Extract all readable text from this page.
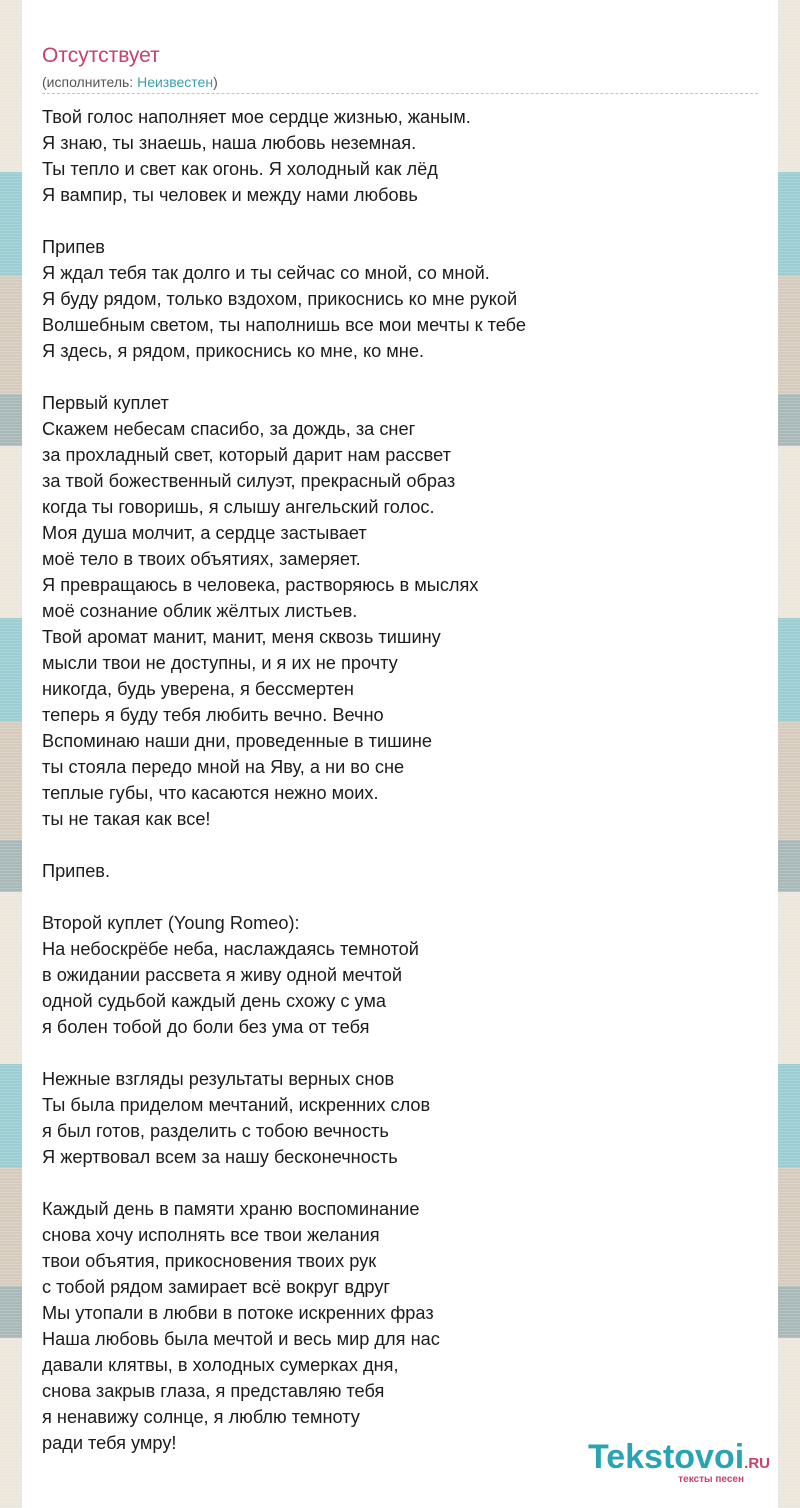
Отсутствует
(исполнитель: Неизвестен)
Твой голос наполняет мое сердце жизнью, жаным.
Я знаю, ты знаешь, наша любовь неземная.
Ты тепло и свет как огонь. Я холодный как лёд
Я вампир, ты человек и между нами любовь
Припев
Я ждал тебя так долго и ты сейчас со мной, со мной.
Я буду рядом, только вздохом, прикоснись ко мне рукой
Волшебным светом, ты наполнишь все мои мечты к тебе
Я здесь, я рядом, прикоснись ко мне, ко мне.
Первый куплет
Скажем небесам спасибо, за дождь, за снег
за прохладный свет, который дарит нам рассвет
за твой божественный силуэт, прекрасный образ
когда ты говоришь, я слышу ангельский голос.
Моя душа молчит, а сердце застывает
моё тело в твоих объятиях, замеряет.
Я превращаюсь в человека, растворяюсь в мыслях
моё сознание облик жёлтых листьев.
Твой аромат манит, манит, меня сквозь тишину
мысли твои не доступны, и я их не прочту
никогда, будь уверена, я бессмертен
теперь я буду тебя любить вечно. Вечно
Вспоминаю наши дни, проведенные в тишине
ты стояла передо мной на Яву, а ни во сне
теплые губы, что касаются нежно моих.
ты не такая как все!
Припев.
Второй куплет (Young Romeo):
На небоскрёбе неба, наслаждаясь темнотой
в ожидании рассвета я живу одной мечтой
одной судьбой каждый день схожу с ума
я болен тобой до боли без ума от тебя
Нежные взгляды результаты верных снов
Ты была приделом мечтаний, искренних слов
я был готов, разделить с тобою вечность
Я жертвовал всем за нашу бесконечность
Каждый день в памяти храню воспоминание
снова хочу исполнять все твои желания
твои объятия, прикосновения твоих рук
с тобой рядом замирает всё вокруг вдруг
Мы утопали в любви в потоке искренних фраз
Наша любовь была мечтой и весь мир для нас
давали клятвы, в холодных сумерках дня,
снова закрыв глаза, я представляю тебя
я ненавижу солнце, я люблю темноту
ради тебя умру!	Tekstovoi.RU
тексты песен
